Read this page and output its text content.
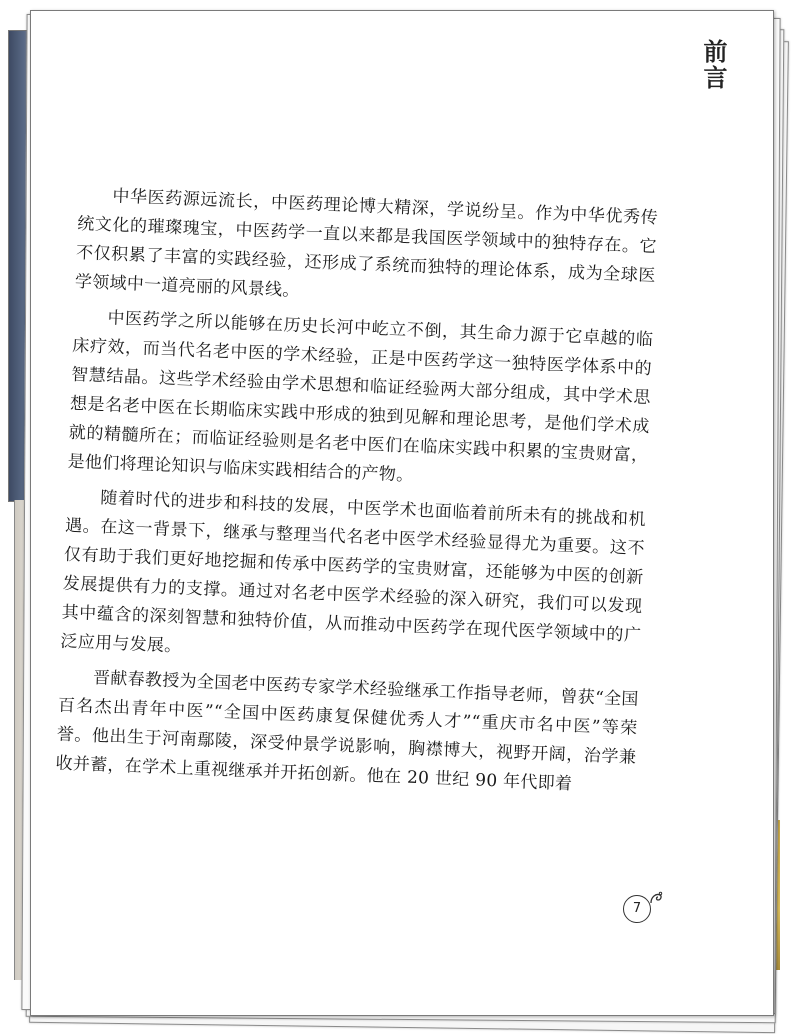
前言

中华医药源远流长，中医药理论博大精深，学说纷呈。作为中华优秀传统文化的璀璨瑰宝，中医药学一直以来都是我国医学领域中的独特存在。它不仅积累了丰富的实践经验，还形成了系统而独特的理论体系，成为全球医学领域中一道亮丽的风景线。

中医药学之所以能够在历史长河中屹立不倒，其生命力源于它卓越的临床疗效，而当代名老中医的学术经验，正是中医药学这一独特医学体系中的智慧结晶。这些学术经验由学术思想和临证经验两大部分组成，其中学术思想是名老中医在长期临床实践中形成的独到见解和理论思考，是他们学术成就的精髓所在；而临证经验则是名老中医们在临床实践中积累的宝贵财富，是他们将理论知识与临床实践相结合的产物。

随着时代的进步和科技的发展，中医学术也面临着前所未有的挑战和机遇。在这一背景下，继承与整理当代名老中医学术经验显得尤为重要。这不仅有助于我们更好地挖掘和传承中医药学的宝贵财富，还能够为中医的创新发展提供有力的支撑。通过对名老中医学术经验的深入研究，我们可以发现其中蕴含的深刻智慧和独特价值，从而推动中医药学在现代医学领域中的广泛应用与发展。

晋献春教授为全国老中医药专家学术经验继承工作指导老师，曾获“全国百名杰出青年中医”“全国中医药康复保健优秀人才”“重庆市名中医”等荣誉。他出生于河南鄢陵，深受仲景学说影响，胸襟博大，视野开阔，治学兼收并蓄，在学术上重视继承并开拓创新。他在 20 世纪 90 年代即着

7
